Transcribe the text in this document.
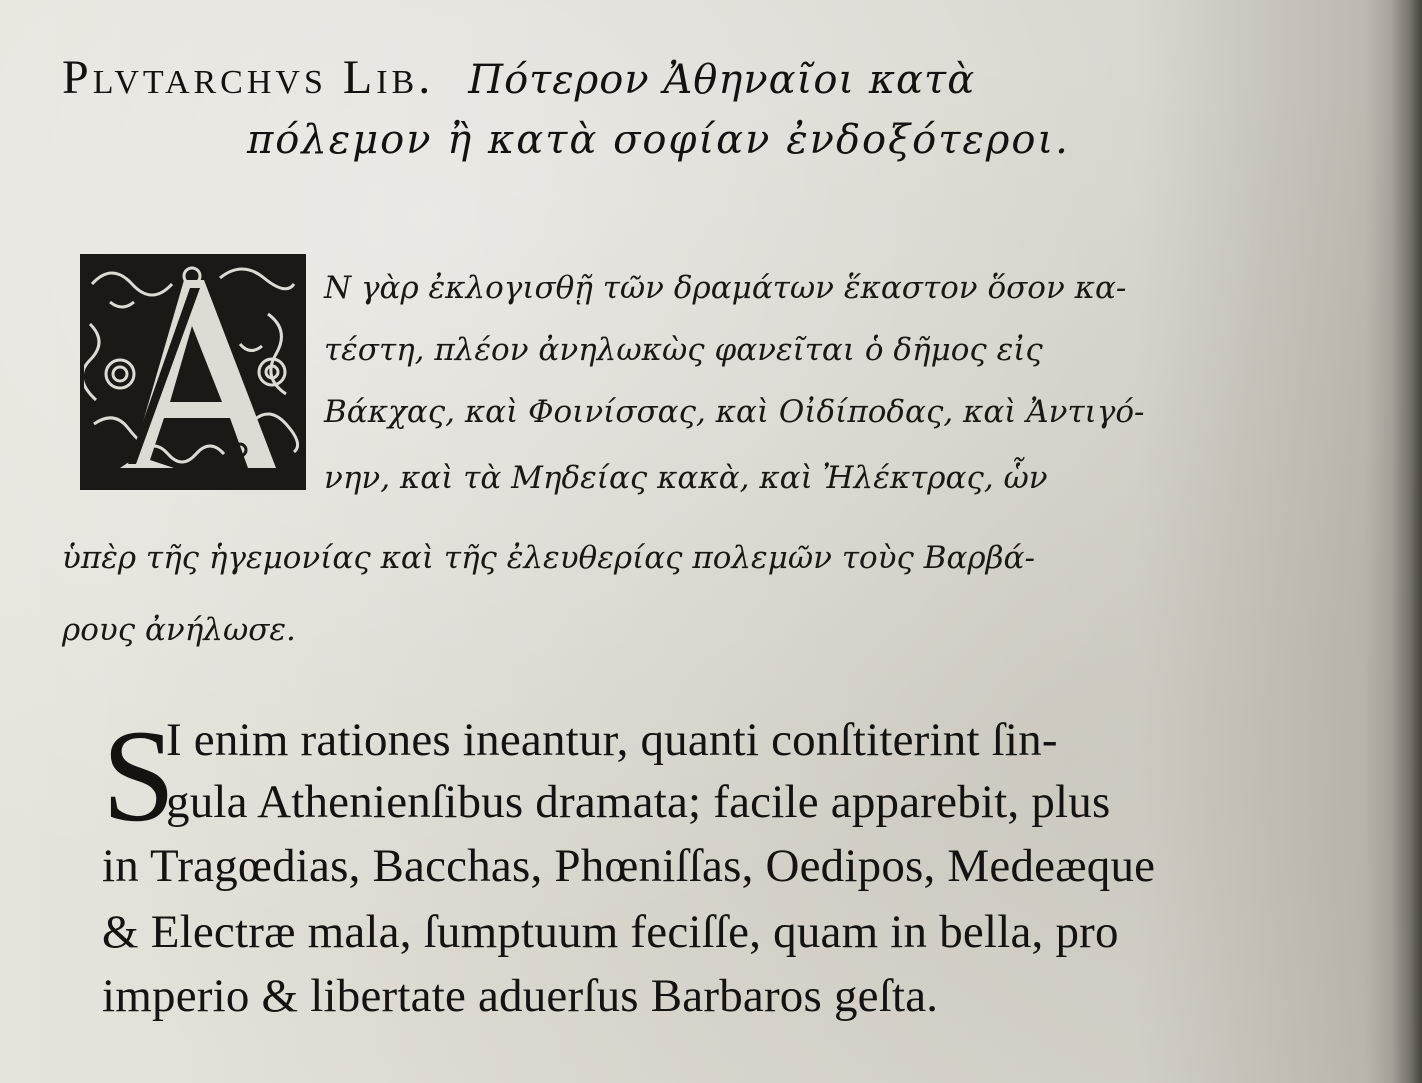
Plvtarchvs Lib. Πότερον Ἀθηναῖοι κατὰ
πόλεμον ἢ κατὰ σοφίαν ἐνδοξότεροι.
Ν γὰρ ἐκλογισθῇ τῶν δραμάτων ἕκαστον ὅσον κα-
τέστη, πλέον ἀνηλωκὼς φανεῖται ὁ δῆμος εἰς
Βάκχας, καὶ Φοινίσσας, καὶ Οἰδίποδας, καὶ Ἀντιγό-
νην, καὶ τὰ Μηδείας κακὰ, καὶ Ἠλέκτρας, ὧν
ὑπὲρ τῆς ἡγεμονίας καὶ τῆς ἐλευθερίας πολεμῶν τοὺς Βαρβά-
ρους ἀνήλωσε.
S
I enim rationes ineantur, quanti conſtiterint ſin-
gula Athenienſibus dramata; facile apparebit, plus
in Tragœdias, Bacchas, Phœniſſas, Oedipos, Medeæque
& Electræ mala, ſumptuum feciſſe, quam in bella, pro
imperio & libertate aduerſus Barbaros geſta.
